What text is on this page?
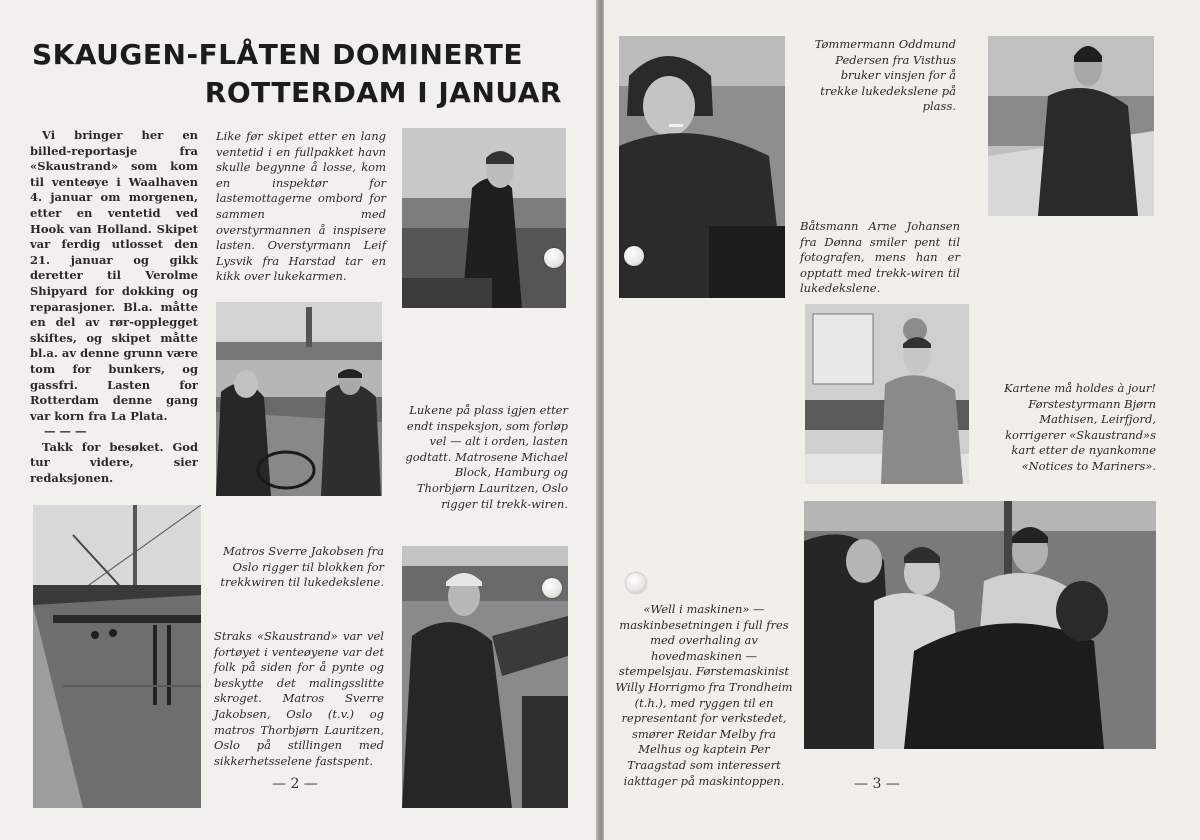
SKAUGEN-FLÅTEN DOMINERTE
ROTTERDAM I JANUAR

Vi bringer her en billed-reportasje fra «Skaustrand» som kom til venteøye i Waalhaven 4. januar om morgenen, etter en ventetid ved Hook van Holland. Skipet var ferdig utlosset den 21. januar og gikk deretter til Verolme Shipyard for dokking og reparasjoner. Bl.a. måtte en del av rør-opplegget skiftes, og skipet måtte bl.a. av denne grunn være tom for bunkers, og gassfri. Lasten for Rotterdam denne gang var korn fra La Plata.

— — —

Takk for besøket. God tur videre, sier redaksjonen.

Like før skipet etter en lang ventetid i en fullpakket havn skulle begynne å losse, kom en inspektør for lastemottagerne ombord for sammen med overstyrmannen å inspisere lasten. Overstyrmann Leif Lysvik fra Harstad tar en kikk over lukekarmen.
Lukene på plass igjen etter endt inspeksjon, som forløp vel — alt i orden, lasten godtatt. Matrosene Michael Block, Hamburg og Thorbjørn Lauritzen, Oslo rigger til trekk-wiren.
Matros Sverre Jakobsen fra Oslo rigger til blokken for trekkwiren til lukedekslene.
Straks «Skaustrand» var vel fortøyet i venteøyene var det folk på siden for å pynte og beskytte det malingsslitte skroget. Matros Sverre Jakobsen, Oslo (t.v.) og matros Thorbjørn Lauritzen, Oslo på stillingen med sikkerhetsselene fastspent.
— 2 —
Tømmermann Oddmund Pedersen fra Visthus bruker vinsjen for å trekke lukedekslene på plass.
Båtsmann Arne Johansen fra Dønna smiler pent til fotografen, mens han er opptatt med trekk-wiren til lukedekslene.
Kartene må holdes à jour! Førstestyrmann Bjørn Mathisen, Leirfjord, korrigerer «Skaustrand»s kart etter de nyankomne «Notices to Mariners».
«Well i maskinen» — maskinbesetningen i full fres med overhaling av hovedmaskinen — stempelsjau. Førstemaskinist Willy Horrigmo fra Trondheim (t.h.), med ryggen til en representant for verkstedet, smører Reidar Melby fra Melhus og kaptein Per Traagstad som interessert iakttager på maskintoppen.	— 3 —
